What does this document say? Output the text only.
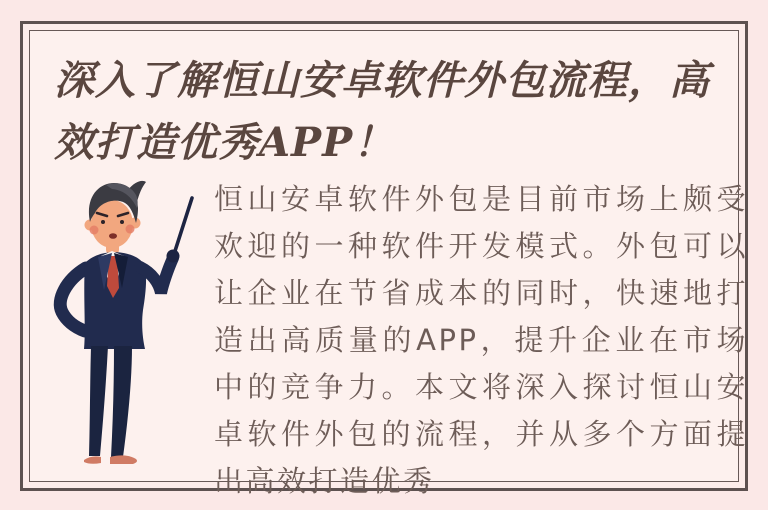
深入了解恒山安卓软件外包流程，高效打造优秀APP！
恒山安卓软件外包是目前市场上颇受欢迎的一种软件开发模式。外包可以让企业在节省成本的同时，快速地打造出高质量的APP，提升企业在市场中的竞争力。本文将深入探讨恒山安卓软件外包的流程，并从多个方面提出高效打造优秀
